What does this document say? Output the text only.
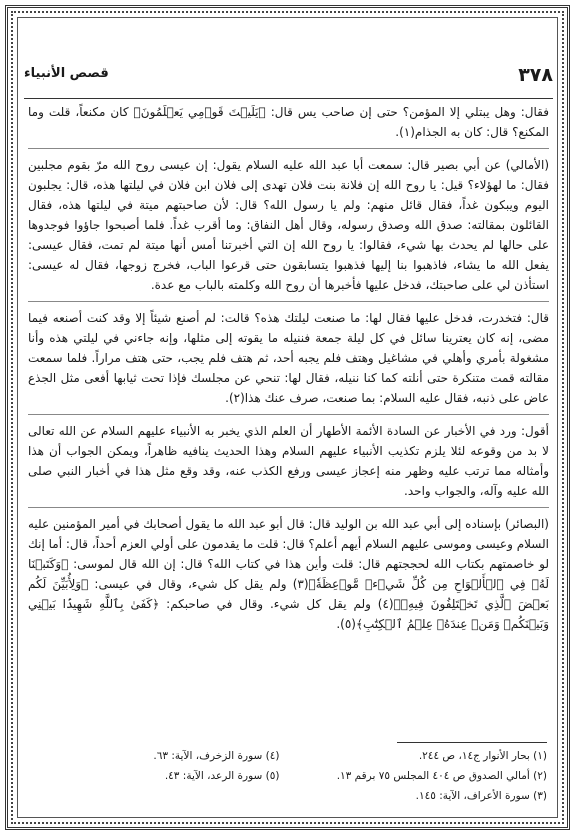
٣٧٨
قصص الأنبياء

فقال: وهل يبتلي إلا المؤمن؟ حتى إن صاحب يس قال: ﴿يَلَيۡتَ قَوۡمِي يَعۡلَمُونَ﴾ كان مكنعاً، قلت وما المكنع؟ قال: كان به الجذام(١).

(الأمالي) عن أبي بصير قال: سمعت أبا عبد الله عليه السلام يقول: إن عيسى روح الله مرّ بقوم مجلبين فقال: ما لهؤلاء؟ قيل: يا روح الله إن فلانة بنت فلان تهدى إلى فلان ابن فلان في ليلتها هذه، قال: يجلبون اليوم ويبكون غداً، فقال قائل منهم: ولم يا رسول الله؟ قال: لأن صاحبتهم ميتة في ليلتها هذه، فقال القائلون بمقالته: صدق الله وصدق رسوله، وقال أهل النفاق: وما أقرب غداً. فلما أصبحوا جاؤوا فوجدوها على حالها لم يحدث بها شيء، فقالوا: يا روح الله إن التي أخبرتنا أمس أنها ميتة لم تمت، فقال عيسى: يفعل الله ما يشاء، فاذهبوا بنا إليها فذهبوا يتسابقون حتى قرعوا الباب، فخرج زوجها، فقال له عيسى: استأذن لي على صاحبتك، فدخل عليها فأخبرها أن روح الله وكلمته بالباب مع عدة.

قال: فتخدرت، فدخل عليها فقال لها: ما صنعت ليلتك هذه؟ قالت: لم أصنع شيئاً إلا وقد كنت أصنعه فيما مضى، إنه كان يعترينا سائل في كل ليلة جمعة فننيله ما يقوته إلى مثلها، وإنه جاءني في ليلتي هذه وأنا مشغولة بأمري وأهلي في مشاغيل وهتف فلم يجبه أحد، ثم هتف فلم يجب، حتى هتف مراراً. فلما سمعت مقالته قمت متنكرة حتى أنلته كما كنا ننيله، فقال لها: تنحي عن مجلسك فإذا تحت ثيابها أفعى مثل الجذع عاض على ذنبه، فقال عليه السلام: بما صنعت، صرف عنك هذا(٢).

أقول: ورد في الأخبار عن السادة الأئمة الأطهار أن العلم الذي يخبر به الأنبياء عليهم السلام عن الله تعالى لا بد من وقوعه لئلا يلزم تكذيب الأنبياء عليهم السلام وهذا الحديث ينافيه ظاهراً، ويمكن الجواب أن هذا وأمثاله مما ترتب عليه وظهر منه إعجاز عيسى ورفع الكذب عنه، وقد وقع مثل هذا في أخبار النبي صلى الله عليه وآله، والجواب واحد.

(البصائر) بإسناده إلى أبي عبد الله بن الوليد قال: قال أبو عبد الله ما يقول أصحابك في أمير المؤمنين عليه السلام وعيسى وموسى عليهم السلام أيهم أعلم؟ قال: قلت ما يقدمون على أولي العزم أحداً، قال: أما إنك لو خاصمتهم بكتاب الله لحججتهم قال: قلت وأين هذا في كتاب الله؟ قال: إن الله قال لموسى: ﴿وَكَتَبۡنَا لَهُۥ فِي ٱلۡأَلۡوَاحِ مِن كُلِّ شَيۡءٖ مَّوۡعِظَةٗ﴾(٣) ولم يقل كل شيء، وقال في عيسى: ﴿وَلِأُبَيِّنَ لَكُم بَعۡضَ ٱلَّذِي تَخۡتَلِفُونَ فِيهِۖ﴾(٤) ولم يقل كل شيء. وقال في صاحبكم: ﴿كَفَىٰ بِٱللَّهِ شَهِيدَۢا بَيۡنِي وَبَيۡنَكُمۡ وَمَنۡ عِندَهُۥ عِلۡمُ ٱلۡكِتَٰبِ﴾(٥).

(١) بحار الأنوار ج١٤، ص ٢٤٤.
(٤) سورة الزخرف، الآية: ٦٣.
(٢) أمالي الصدوق ص ٤٠٤ المجلس ٧٥ برقم ١٣.
(٥) سورة الرعد، الآية: ٤٣.
(٣) سورة الأعراف، الآية: ١٤٥.
